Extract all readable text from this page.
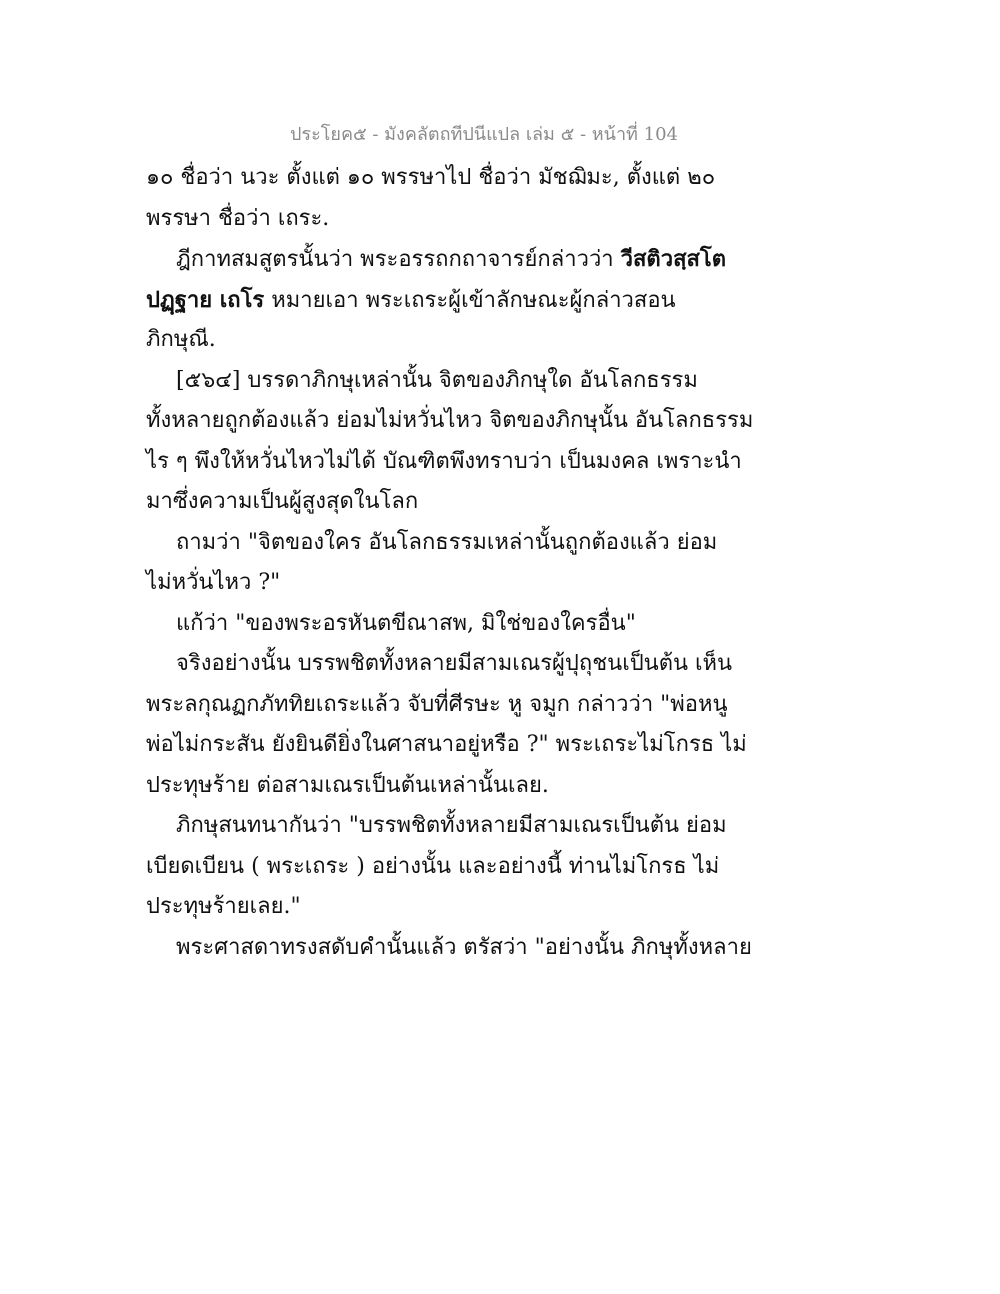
ประโยค๕ - มังคลัตถทีปนีแปล เล่ม ๕ - หน้าที่ 104
๑๐ ชื่อว่า นวะ ตั้งแต่ ๑๐ พรรษาไป ชื่อว่า มัชฌิมะ, ตั้งแต่ ๒๐
พรรษา ชื่อว่า เถระ.
ฎีกาทสมสูตรนั้นว่า พระอรรถกถาจารย์กล่าวว่า วีสติวสฺสโต
ปฏฺฐาย เถโร หมายเอา พระเถระผู้เข้าลักษณะผู้กล่าวสอน
ภิกษุณี.
[๕๖๔] บรรดาภิกษุเหล่านั้น จิตของภิกษุใด อันโลกธรรม
ทั้งหลายถูกต้องแล้ว ย่อมไม่หวั่นไหว จิตของภิกษุนั้น อันโลกธรรม
ไร ๆ พึงให้หวั่นไหวไม่ได้ บัณฑิตพึงทราบว่า เป็นมงคล เพราะนำ
มาซึ่งความเป็นผู้สูงสุดในโลก
ถามว่า "จิตของใคร อันโลกธรรมเหล่านั้นถูกต้องแล้ว ย่อม
ไม่หวั่นไหว ?"
แก้ว่า "ของพระอรหันตขีณาสพ, มิใช่ของใครอื่น"
จริงอย่างนั้น บรรพชิตทั้งหลายมีสามเณรผู้ปุถุชนเป็นต้น เห็น
พระลกุณฏกภัททิยเถระแล้ว จับที่ศีรษะ หู จมูก กล่าวว่า "พ่อหนู
พ่อไม่กระสัน ยังยินดียิ่งในศาสนาอยู่หรือ ?" พระเถระไม่โกรธ ไม่
ประทุษร้าย ต่อสามเณรเป็นต้นเหล่านั้นเลย.
ภิกษุสนทนากันว่า "บรรพชิตทั้งหลายมีสามเณรเป็นต้น ย่อม
เบียดเบียน ( พระเถระ ) อย่างนั้น และอย่างนี้ ท่านไม่โกรธ ไม่
ประทุษร้ายเลย."
พระศาสดาทรงสดับคำนั้นแล้ว ตรัสว่า "อย่างนั้น ภิกษุทั้งหลาย
